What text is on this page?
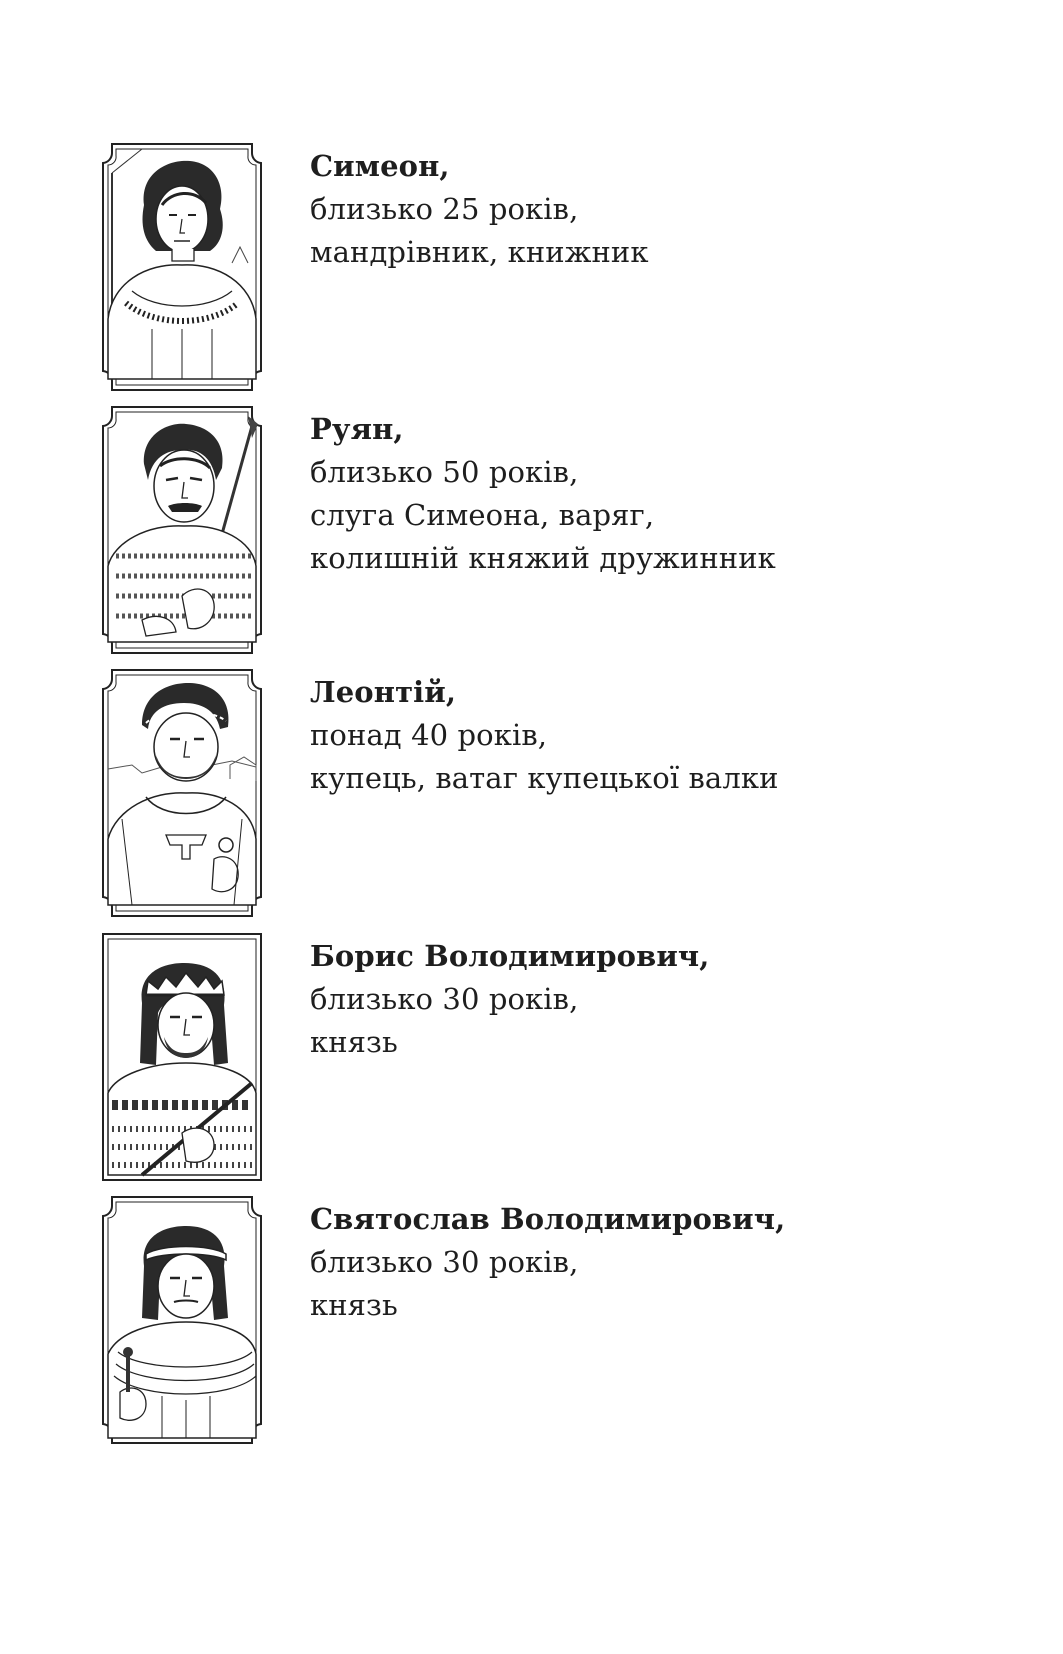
Симеон,
близько 25 років,
мандрівник, книжник
Руян,
близько 50 років,
слуга Симеона, варяг,
колишній княжий дружинник
Леонтій,
понад 40 років,
купець, ватаг купецької валки
Борис Володимирович,
близько 30 років,
князь
Святослав Володимирович,
близько 30 років,
князь
